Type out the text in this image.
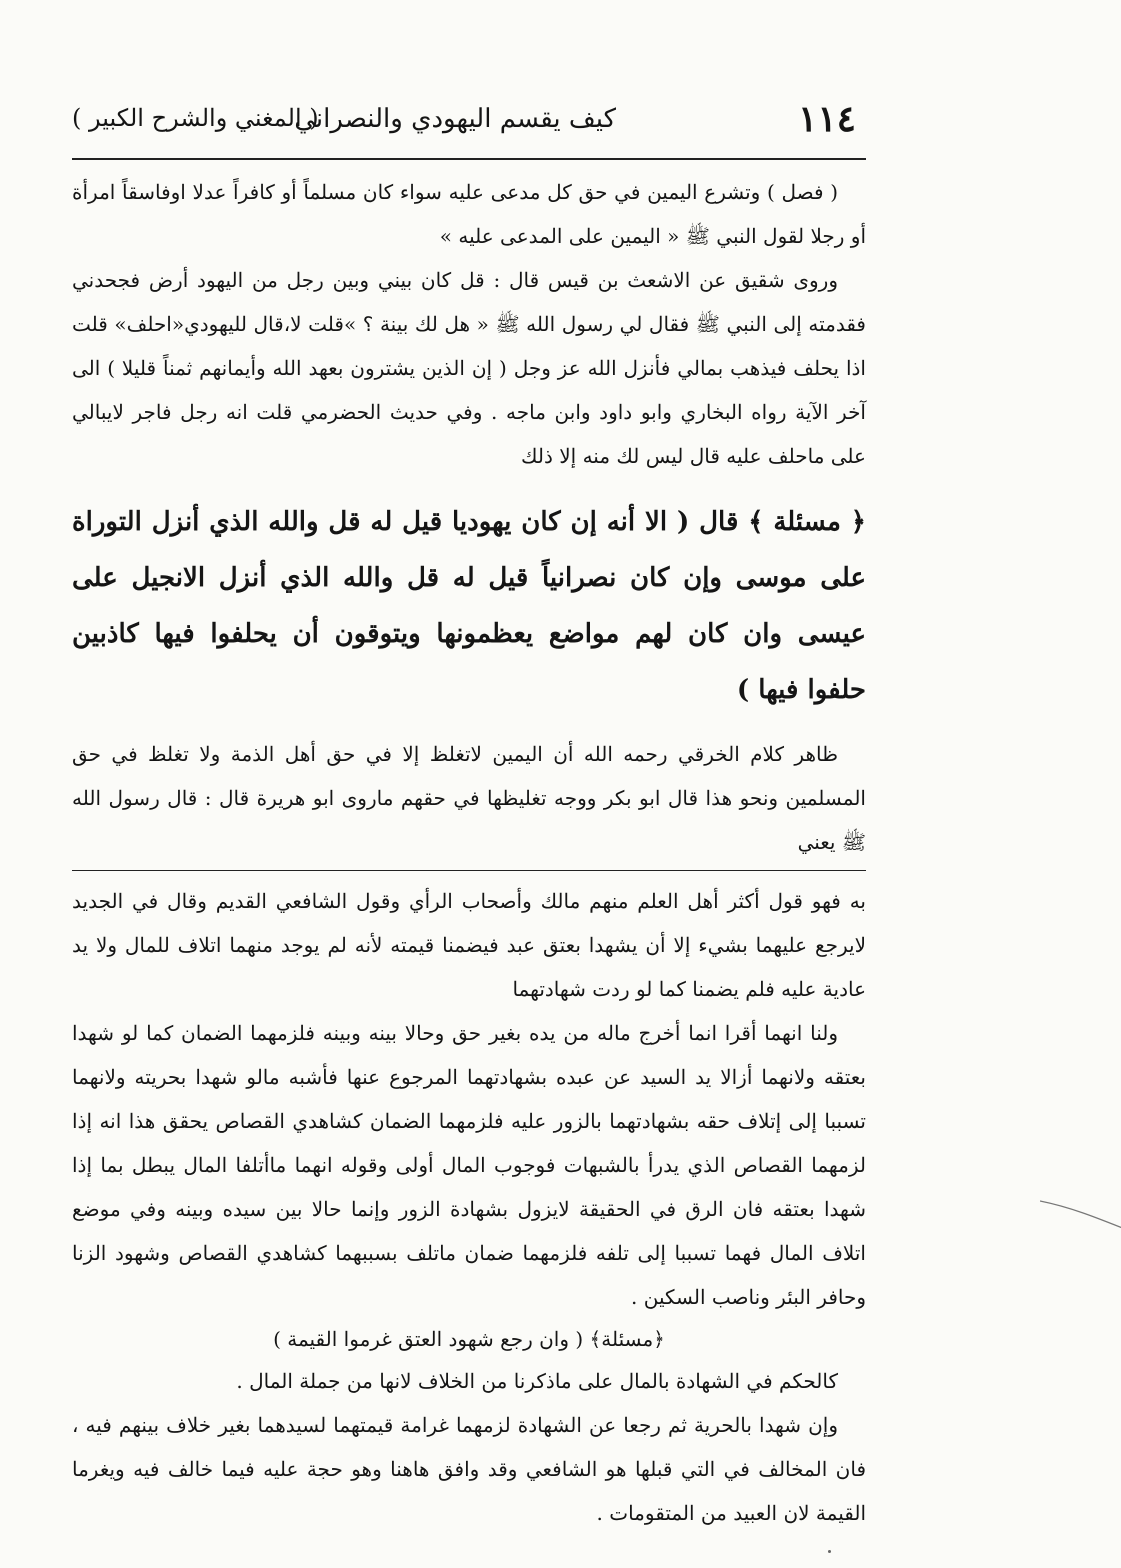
١١٤
كيف يقسم اليهودي والنصراني
( المغني والشرح الكبير )

( فصل ) وتشرع اليمين في حق كل مدعى عليه سواء كان مسلماً أو كافراً عدلا اوفاسقاً امرأة أو رجلا لقول النبي ﷺ « اليمين على المدعى عليه »

وروى شقيق عن الاشعث بن قيس قال : قل كان بيني وبين رجل من اليهود أرض فجحدني فقدمته إلى النبي ﷺ فقال لي رسول الله ﷺ « هل لك بينة ؟ »قلت لا،قال لليهودي«احلف» قلت اذا يحلف فيذهب بمالي فأنزل الله عز وجل ( إن الذين يشترون بعهد الله وأيمانهم ثمناً قليلا ) الى آخر الآية رواه البخاري وابو داود وابن ماجه . وفي حديث الحضرمي قلت انه رجل فاجر لايبالي على ماحلف عليه قال ليس لك منه إلا ذلك

﴿ مسئلة ﴾ قال ( الا أنه إن كان يهوديا قيل له قل والله الذي أنزل التوراة على موسى وإن كان نصرانياً قيل له قل والله الذي أنزل الانجيل على عيسى وان كان لهم مواضع يعظمونها ويتوقون أن يحلفوا فيها كاذبين حلفوا فيها )

ظاهر كلام الخرقي رحمه الله أن اليمين لاتغلظ إلا في حق أهل الذمة ولا تغلظ في حق المسلمين ونحو هذا قال ابو بكر ووجه تغليظها في حقهم ماروى ابو هريرة قال : قال رسول الله ﷺ يعني

به فهو قول أكثر أهل العلم منهم مالك وأصحاب الرأي وقول الشافعي القديم وقال في الجديد لايرجع عليهما بشيء إلا أن يشهدا بعتق عبد فيضمنا قيمته لأنه لم يوجد منهما اتلاف للمال ولا يد عادية عليه فلم يضمنا كما لو ردت شهادتهما

ولنا انهما أقرا انما أخرج ماله من يده بغير حق وحالا بينه وبينه فلزمهما الضمان كما لو شهدا بعتقه ولانهما أزالا يد السيد عن عبده بشهادتهما المرجوع عنها فأشبه مالو شهدا بحريته ولانهما تسببا إلى إتلاف حقه بشهادتهما بالزور عليه فلزمهما الضمان كشاهدي القصاص يحقق هذا انه إذا لزمهما القصاص الذي يدرأ بالشبهات فوجوب المال أولى وقوله انهما ماأتلفا المال يبطل بما إذا شهدا بعتقه فان الرق في الحقيقة لايزول بشهادة الزور وإنما حالا بين سيده وبينه وفي موضع اتلاف المال فهما تسببا إلى تلفه فلزمهما ضمان ماتلف بسببهما كشاهدي القصاص وشهود الزنا وحافر البئر وناصب السكين .

﴿مسئلة﴾ ( وان رجع شهود العتق غرموا القيمة )

كالحكم في الشهادة بالمال على ماذكرنا من الخلاف لانها من جملة المال .

وإن شهدا بالحرية ثم رجعا عن الشهادة لزمهما غرامة قيمتهما لسيدهما بغير خلاف بينهم فيه ، فان المخالف في التي قبلها هو الشافعي وقد وافق هاهنا وهو حجة عليه فيما خالف فيه ويغرما القيمة لان العبيد من المتقومات .
